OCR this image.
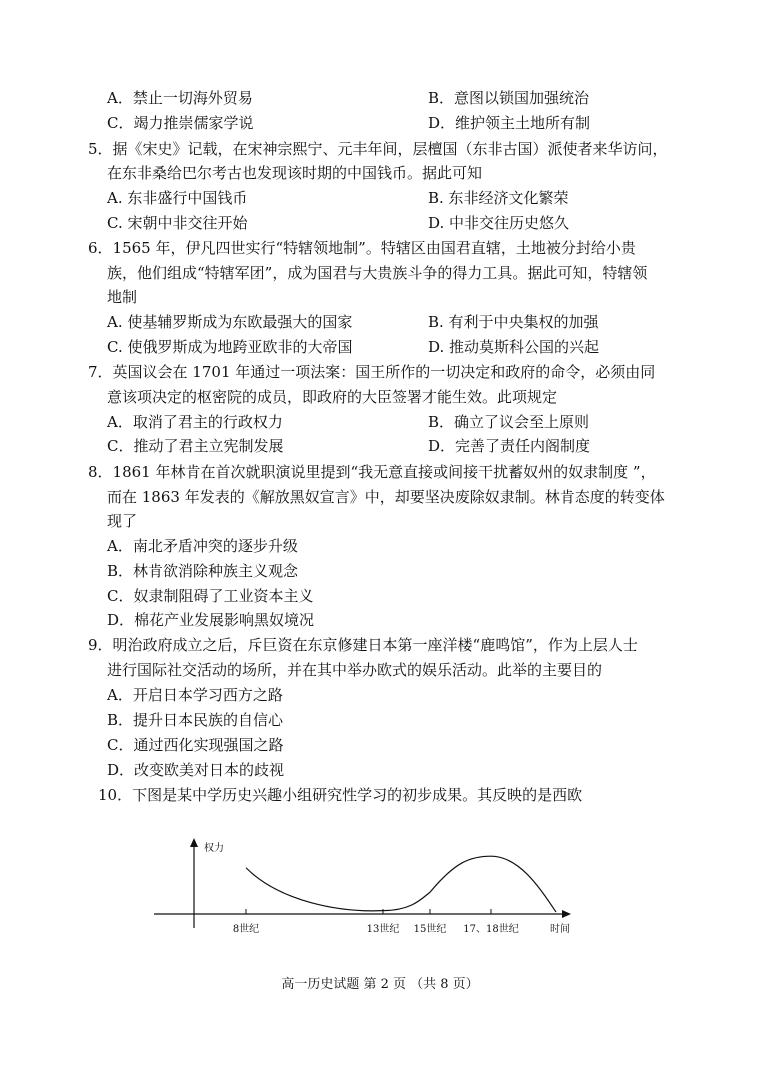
A．禁止一切海外贸易	B．意图以锁国加强统治
C．竭力推崇儒家学说	D．维护领主土地所有制
5．据《宋史》记载，在宋神宗熙宁、元丰年间，层檀国（东非古国）派使者来华访问，
在东非桑给巴尔考古也发现该时期的中国钱币。据此可知
A. 东非盛行中国钱币	B. 东非经济文化繁荣
C. 宋朝中非交往开始	D. 中非交往历史悠久
6．1565 年，伊凡四世实行“特辖领地制”。特辖区由国君直辖，土地被分封给小贵
族，他们组成“特辖军团”，成为国君与大贵族斗争的得力工具。据此可知，特辖领
地制
A. 使基辅罗斯成为东欧最强大的国家	B. 有利于中央集权的加强
C. 使俄罗斯成为地跨亚欧非的大帝国	D. 推动莫斯科公国的兴起
7．英国议会在 1701 年通过一项法案：国王所作的一切决定和政府的命令，必须由同
意该项决定的枢密院的成员，即政府的大臣签署才能生效。此项规定
A．取消了君主的行政权力	B．确立了议会至上原则
C．推动了君主立宪制发展	D．完善了责任内阁制度
8．1861 年林肯在首次就职演说里提到“我无意直接或间接干扰蓄奴州的奴隶制度 ”，
而在 1863 年发表的《解放黑奴宣言》中，却要坚决废除奴隶制。林肯态度的转变体
现了
A．南北矛盾冲突的逐步升级
B．林肯欲消除种族主义观念
C．奴隶制阻碍了工业资本主义
D．棉花产业发展影响黑奴境况
9．明治政府成立之后，斥巨资在东京修建日本第一座洋楼“鹿鸣馆”，作为上层人士
进行国际社交活动的场所，并在其中举办欧式的娱乐活动。此举的主要目的
A．开启日本学习西方之路
B．提升日本民族的自信心
C．通过西化实现强国之路
D．改变欧美对日本的歧视
10．下图是某中学历史兴趣小组研究性学习的初步成果。其反映的是西欧
权力
时间
8世纪	13世纪 15世纪 17、18世纪
高一历史试题 第 2 页 （共 8 页）
